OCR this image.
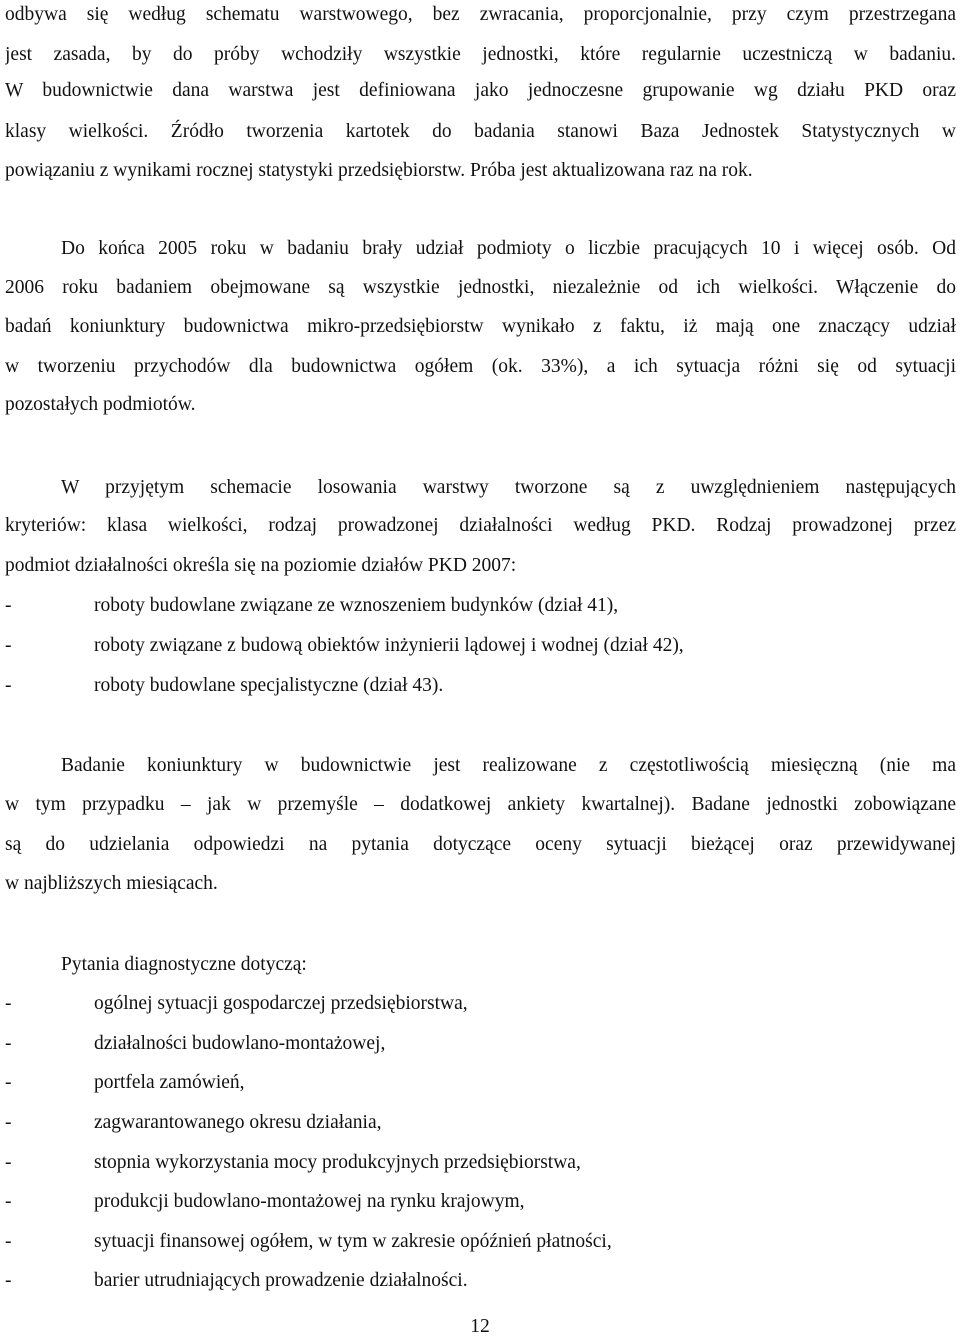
odbywa się według schematu warstwowego, bez zwracania, proporcjonalnie, przy czym przestrzegana
jest zasada, by do próby wchodziły wszystkie jednostki, które regularnie uczestniczą w badaniu.
W budownictwie dana warstwa jest definiowana jako jednoczesne grupowanie wg działu PKD oraz
klasy wielkości. Źródło tworzenia kartotek do badania stanowi Baza Jednostek Statystycznych w
powiązaniu z wynikami rocznej statystyki przedsiębiorstw. Próba jest aktualizowana raz na rok.
Do końca 2005 roku w badaniu brały udział podmioty o liczbie pracujących 10 i więcej osób. Od
2006 roku badaniem obejmowane są wszystkie jednostki, niezależnie od ich wielkości. Włączenie do
badań koniunktury budownictwa mikro-przedsiębiorstw wynikało z faktu, iż mają one znaczący udział
w tworzeniu przychodów dla budownictwa ogółem (ok. 33%), a ich sytuacja różni się od sytuacji
pozostałych podmiotów.
W przyjętym schemacie losowania warstwy tworzone są z uwzględnieniem następujących
kryteriów: klasa wielkości, rodzaj prowadzonej działalności według PKD. Rodzaj prowadzonej przez
podmiot działalności określa się na poziomie działów PKD 2007:
-	roboty budowlane związane ze wznoszeniem budynków (dział 41),
-	roboty związane z budową obiektów inżynierii lądowej i wodnej (dział 42),
-	roboty budowlane specjalistyczne (dział 43).
Badanie koniunktury w budownictwie jest realizowane z częstotliwością miesięczną (nie ma
w tym przypadku – jak w przemyśle – dodatkowej ankiety kwartalnej). Badane jednostki zobowiązane
są do udzielania odpowiedzi na pytania dotyczące oceny sytuacji bieżącej oraz przewidywanej
w najbliższych miesiącach.
Pytania diagnostyczne dotyczą:
-	ogólnej sytuacji gospodarczej przedsiębiorstwa,
-	działalności budowlano-montażowej,
-	portfela zamówień,
-	zagwarantowanego okresu działania,
-	stopnia wykorzystania mocy produkcyjnych przedsiębiorstwa,
-	produkcji budowlano-montażowej na rynku krajowym,
-	sytuacji finansowej ogółem, w tym w zakresie opóźnień płatności,
-	barier utrudniających prowadzenie działalności.
12
